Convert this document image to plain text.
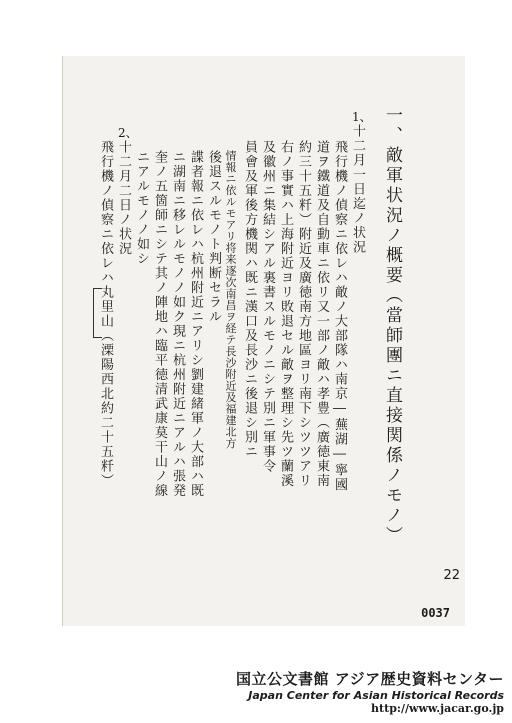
一、敵軍状況ノ概要（當師團ニ直接関係ノモノ）
1、
十二月一日迄ノ状況
飛行機ノ偵察ニ依レハ敵ノ大部隊ハ南京―蕪湖―寧國
道ヲ鐵道及自動車ニ依リ又一部ノ敵ハ孝豊（廣徳東南
約三十五粁）附近及廣徳南方地區ヨリ南下シツツアリ
右ノ事實ハ上海附近ヨリ敗退セル敵ヲ整理シ先ツ蘭溪
及徽州ニ集結シアル裏書スルモノニシテ別ニ軍事令
員會及軍後方機関ハ既ニ漢口及長沙ニ後退シ別ニ
情報ニ依ルモアリ将来逐次南昌ヲ経テ長沙附近及福建北方
後退スルモノト判断セラル
諜者報ニ依レハ杭州附近ニアリシ劉建緒軍ノ大部ハ既
ニ湖南ニ移レルモノノ如ク現ニ杭州附近ニアルハ張発
奎ノ五箇師ニシテ其ノ陣地ハ臨平徳清武康莫干山ノ線
ニアルモノノ如シ
2、
十二月二日ノ状況
飛行機ノ偵察ニ依レハ丸里山（溧陽西北約二十五粁）
22
0037
国立公文書館 アジア歴史資料センター
Japan Center for Asian Historical Records
http://www.jacar.go.jp
